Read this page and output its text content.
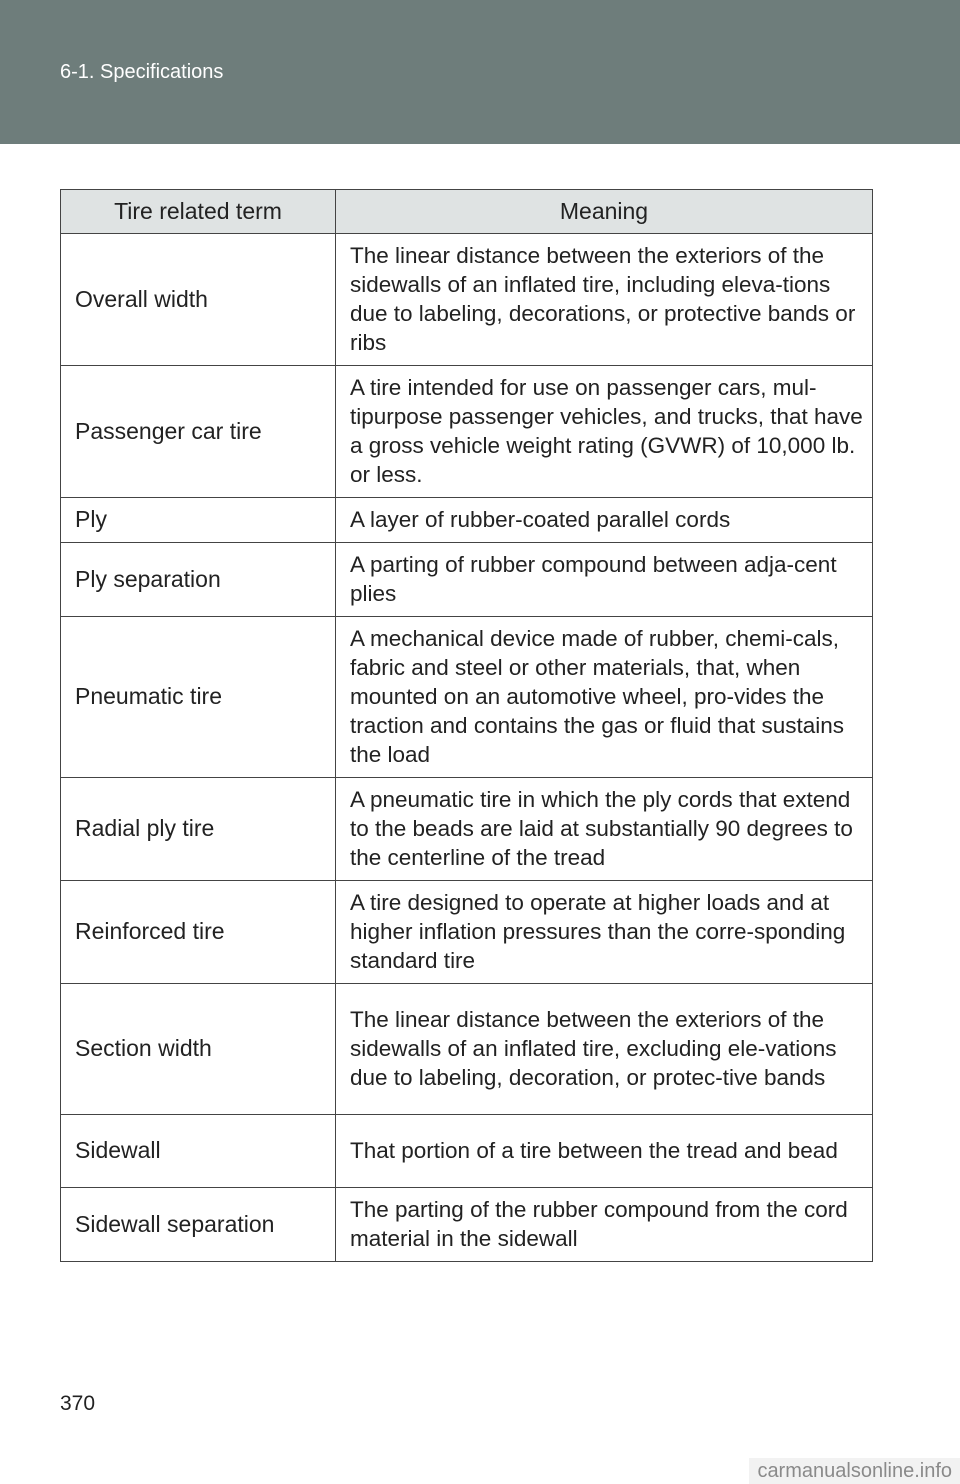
6-1. Specifications
Tire related term	Meaning
Overall width	The linear distance between the exteriors of the sidewalls of an inflated tire, including eleva-tions due to labeling, decorations, or protective bands or ribs
Passenger car tire	A tire intended for use on passenger cars, mul-tipurpose passenger vehicles, and trucks, that have a gross vehicle weight rating (GVWR) of 10,000 lb. or less.
Ply	A layer of rubber-coated parallel cords
Ply separation	A parting of rubber compound between adja-cent plies
Pneumatic tire	A mechanical device made of rubber, chemi-cals, fabric and steel or other materials, that, when mounted on an automotive wheel, pro-vides the traction and contains the gas or fluid that sustains the load
Radial ply tire	A pneumatic tire in which the ply cords that extend to the beads are laid at substantially 90 degrees to the centerline of the tread
Reinforced tire	A tire designed to operate at higher loads and at higher inflation pressures than the corre-sponding standard tire
Section width	The linear distance between the exteriors of the sidewalls of an inflated tire, excluding ele-vations due to labeling, decoration, or protec-tive bands
Sidewall	That portion of a tire between the tread and bead
Sidewall separation	The parting of the rubber compound from the cord material in the sidewall
370
carmanualsonline.info
